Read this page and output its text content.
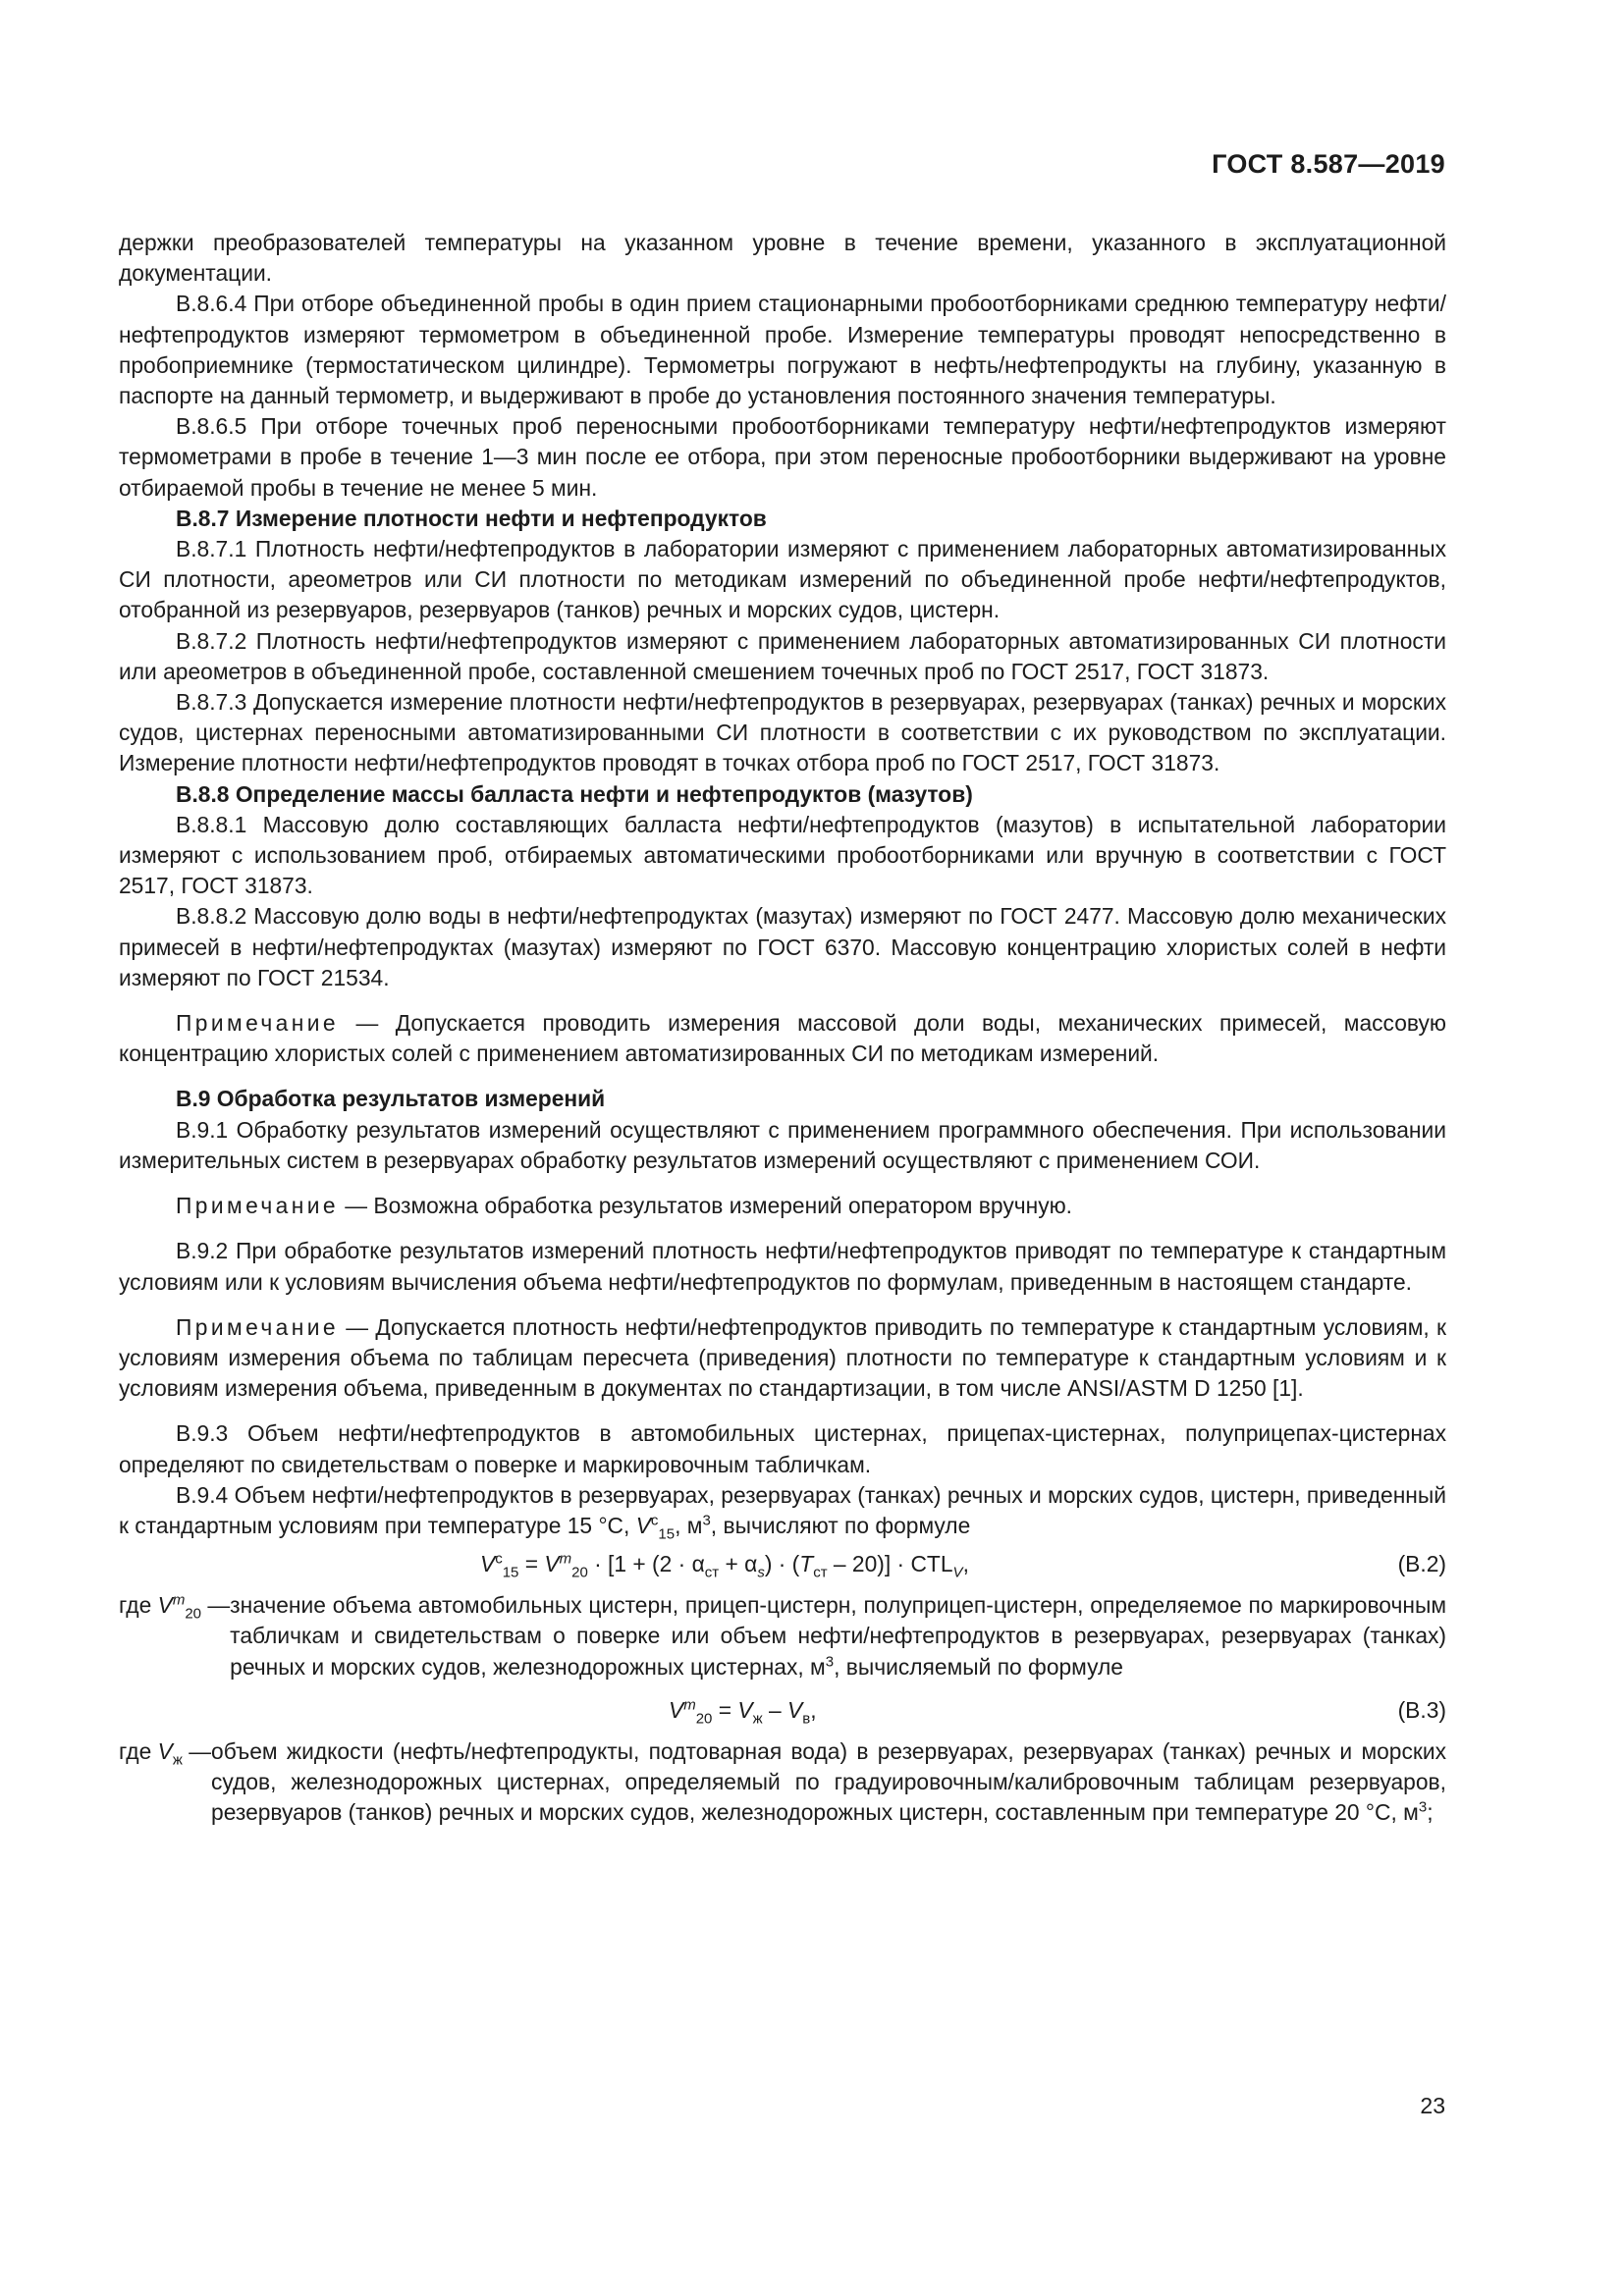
ГОСТ 8.587—2019

держки преобразователей температуры на указанном уровне в течение времени, указанного в эксплуатационной документации.

В.8.6.4 При отборе объединенной пробы в один прием стационарными пробоотборниками среднюю температуру нефти/нефтепродуктов измеряют термометром в объединенной пробе. Измерение температуры проводят непосредственно в пробоприемнике (термостатическом цилиндре). Термометры погружают в нефть/нефтепродукты на глубину, указанную в паспорте на данный термометр, и выдерживают в пробе до установления постоянного значения температуры.

В.8.6.5 При отборе точечных проб переносными пробоотборниками температуру нефти/нефтепродуктов измеряют термометрами в пробе в течение 1—3 мин после ее отбора, при этом переносные пробоотборники выдерживают на уровне отбираемой пробы в течение не менее 5 мин.

В.8.7 Измерение плотности нефти и нефтепродуктов

В.8.7.1 Плотность нефти/нефтепродуктов в лаборатории измеряют с применением лабораторных автоматизированных СИ плотности, ареометров или СИ плотности по методикам измерений по объединенной пробе нефти/нефтепродуктов, отобранной из резервуаров, резервуаров (танков) речных и морских судов, цистерн.

В.8.7.2 Плотность нефти/нефтепродуктов измеряют с применением лабораторных автоматизированных СИ плотности или ареометров в объединенной пробе, составленной смешением точечных проб по ГОСТ 2517, ГОСТ 31873.

В.8.7.3 Допускается измерение плотности нефти/нефтепродуктов в резервуарах, резервуарах (танках) речных и морских судов, цистернах переносными автоматизированными СИ плотности в соответствии с их руководством по эксплуатации. Измерение плотности нефти/нефтепродуктов проводят в точках отбора проб по ГОСТ 2517, ГОСТ 31873.

В.8.8 Определение массы балласта нефти и нефтепродуктов (мазутов)

В.8.8.1 Массовую долю составляющих балласта нефти/нефтепродуктов (мазутов) в испытательной лаборатории измеряют с использованием проб, отбираемых автоматическими пробоотборниками или вручную в соответствии с ГОСТ 2517, ГОСТ 31873.

В.8.8.2 Массовую долю воды в нефти/нефтепродуктах (мазутах) измеряют по ГОСТ 2477. Массовую долю механических примесей в нефти/нефтепродуктах (мазутах) измеряют по ГОСТ 6370. Массовую концентрацию хлористых солей в нефти измеряют по ГОСТ 21534.

Примечание — Допускается проводить измерения массовой доли воды, механических примесей, массовую концентрацию хлористых солей с применением автоматизированных СИ по методикам измерений.

В.9 Обработка результатов измерений

В.9.1 Обработку результатов измерений осуществляют с применением программного обеспечения. При использовании измерительных систем в резервуарах обработку результатов измерений осуществляют с применением СОИ.

Примечание — Возможна обработка результатов измерений оператором вручную.

В.9.2 При обработке результатов измерений плотность нефти/нефтепродуктов приводят по температуре к стандартным условиям или к условиям вычисления объема нефти/нефтепродуктов по формулам, приведенным в настоящем стандарте.

Примечание — Допускается плотность нефти/нефтепродуктов приводить по температуре к стандартным условиям, к условиям измерения объема по таблицам пересчета (приведения) плотности по температуре к стандартным условиям и к условиям измерения объема, приведенным в документах по стандартизации, в том числе ANSI/ASTM D 1250 [1].

В.9.3 Объем нефти/нефтепродуктов в автомобильных цистернах, прицепах-цистернах, полуприцепах-цистернах определяют по свидетельствам о поверке и маркировочным табличкам.

В.9.4 Объем нефти/нефтепродуктов в резервуарах, резервуарах (танках) речных и морских судов, цистерн, приведенный к стандартным условиям при температуре 15 °С, $V^с_{15}$, $м^3$, вычисляют по формуле

$V^с_{15} = V^m_{20} \cdot [1 + (2 \cdot \alpha_{ст} + \alpha_s) \cdot (T_{ст} - 20)] \cdot CTL_V$,	(В.2)
где $V^m_{20}$ — значение объема автомобильных цистерн, прицеп-цистерн, полуприцеп-цистерн, определяемое по маркировочным табличкам и свидетельствам о поверке или объем нефти/нефтепродуктов в резервуарах, резервуарах (танках) речных и морских судов, железнодорожных цистернах, $м^3$, вычисляемый по формуле
$V^m_{20} = V_ж - V_в$,	(В.3)
где $V_ж$ — объем жидкости (нефть/нефтепродукты, подтоварная вода) в резервуарах, резервуарах (танках) речных и морских судов, железнодорожных цистернах, определяемый по градуировочным/калибровочным таблицам резервуаров, резервуаров (танков) речных и морских судов, железнодорожных цистерн, составленным при температуре 20 °С, $м^3$;
23
